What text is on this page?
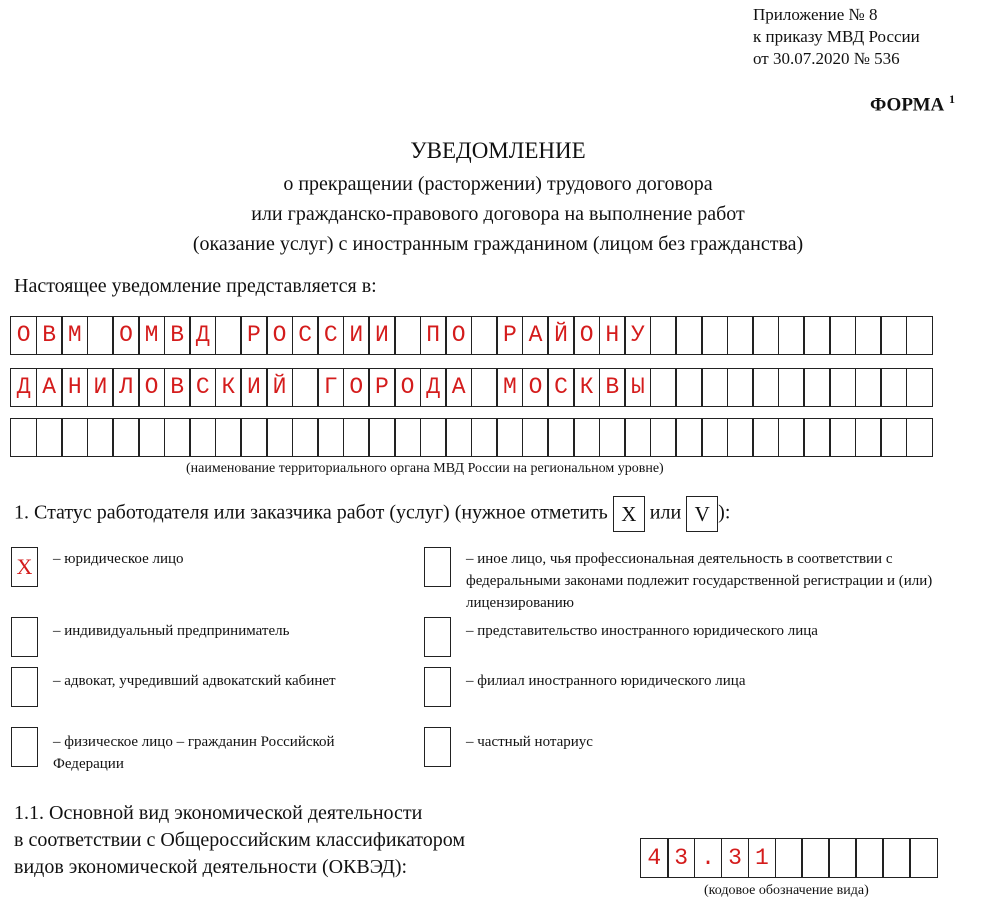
Приложение № 8
к приказу МВД России
от 30.07.2020 № 536
ФОРМА $^1$
УВЕДОМЛЕНИЕ
о прекращении (расторжении) трудового договора
или гражданско-правового договора на выполнение работ
(оказание услуг) с иностранным гражданином (лицом без гражданства)
Настоящее уведомление представляется в:
О В М О М В Д Р О С С И И П О Р А Й О Н У
Д А Н И Л О В С К И Й Г О Р О Д А М О С К В Ы
(наименование территориального органа МВД России на региональном уровне)
1. Статус работодателя или заказчика работ (услуг) (нужное отметить X или V ):
X	– юридическое лицо
– индивидуальный предприниматель
– адвокат, учредивший адвокатский кабинет
– физическое лицо – гражданин Российской Федерации
– иное лицо, чья профессиональная деятельность в соответствии с федеральными законами подлежит государственной регистрации и (или) лицензированию
– представительство иностранного юридического лица
– филиал иностранного юридического лица
– частный нотариус
1.1. Основной вид экономической деятельности
в соответствии с Общероссийским классификатором
видов экономической деятельности (ОКВЭД):	4 3 . 3 1
(кодовое обозначение вида)
